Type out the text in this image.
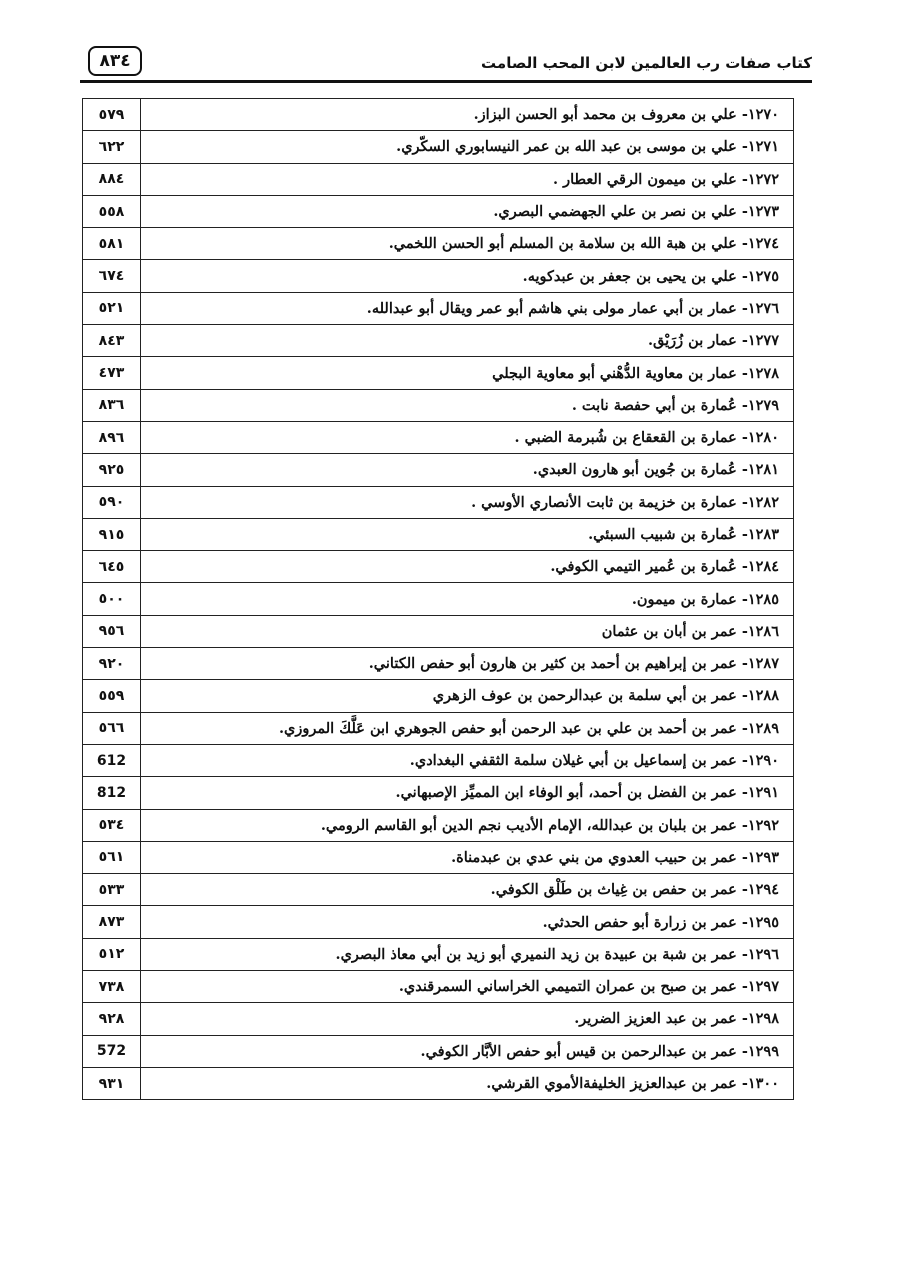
٨٣٤	كتاب صفات رب العالمين لابن المحب الصامت
١٢٧٠- علي بن معروف بن محمد أبو الحسن البزاز.	٥٧٩
١٢٧١- علي بن موسى بن عبد الله بن عمر النيسابوري السكّري.	٦٢٢
١٢٧٢- علي بن ميمون الرقي العطار .	٨٨٤
١٢٧٣- علي بن نصر بن علي الجهضمي البصري.	٥٥٨
١٢٧٤- علي بن هبة الله بن سلامة بن المسلم أبو الحسن اللخمي.	٥٨١
١٢٧٥- علي بن يحيى بن جعفر بن عبدكويه.	٦٧٤
١٢٧٦- عمار بن أبي عمار مولى بني هاشم أبو عمر ويقال أبو عبدالله.	٥٢١
١٢٧٧- عمار بن زُرَيْق.	٨٤٣
١٢٧٨- عمار بن معاوية الدُّهْني أبو معاوية البجلي	٤٧٣
١٢٧٩- عُمارة بن أبي حفصة نابت .	٨٣٦
١٢٨٠- عمارة بن القعقاع بن شُبرمة الضبي .	٨٩٦
١٢٨١- عُمارة بن جُوين أبو هارون العبدي.	٩٢٥
١٢٨٢- عمارة بن خزيمة بن ثابت الأنصاري الأوسي .	٥٩٠
١٢٨٣- عُمارة بن شبيب السبئي.	٩١٥
١٢٨٤- عُمارة بن عُمير التيمي الكوفي.	٦٤٥
١٢٨٥- عمارة بن ميمون.	٥٠٠
١٢٨٦- عمر بن أبان بن عثمان	٩٥٦
١٢٨٧- عمر بن إبراهيم بن أحمد بن كثير بن هارون أبو حفص الكتاني.	٩٢٠
١٢٨٨- عمر بن أبي سلمة بن عبدالرحمن بن عوف الزهري	٥٥٩
١٢٨٩- عمر بن أحمد بن علي بن عبد الرحمن أبو حفص الجوهري ابن عَلَّكَ المروزي.	٥٦٦
١٢٩٠- عمر بن إسماعيل بن أبي غيلان سلمة الثقفي البغدادي.	612
١٢٩١- عمر بن الفضل بن أحمد، أبو الوفاء ابن المميِّز الإصبهاني.	812
١٢٩٢- عمر بن بلبان بن عبدالله، الإمام الأديب نجم الدين أبو القاسم الرومي.	٥٣٤
١٢٩٣- عمر بن حبيب العدوي من بني عدي بن عبدمناة.	٥٦١
١٢٩٤- عمر بن حفص بن غِياث بن طَلْق الكوفي.	٥٣٣
١٢٩٥- عمر بن زرارة أبو حفص الحدثي.	٨٧٣
١٢٩٦- عمر بن شبة بن عبيدة بن زيد النميري أبو زيد بن أبي معاذ البصري.	٥١٢
١٢٩٧- عمر بن صبح بن عمران التميمي الخراساني السمرقندي.	٧٣٨
١٢٩٨- عمر بن عبد العزيز الضرير.	٩٢٨
١٢٩٩- عمر بن عبدالرحمن بن قيس أبو حفص الأبَّار الكوفي.	572
١٣٠٠- عمر بن عبدالعزيز الخليفةالأموي القرشي.	٩٣١
